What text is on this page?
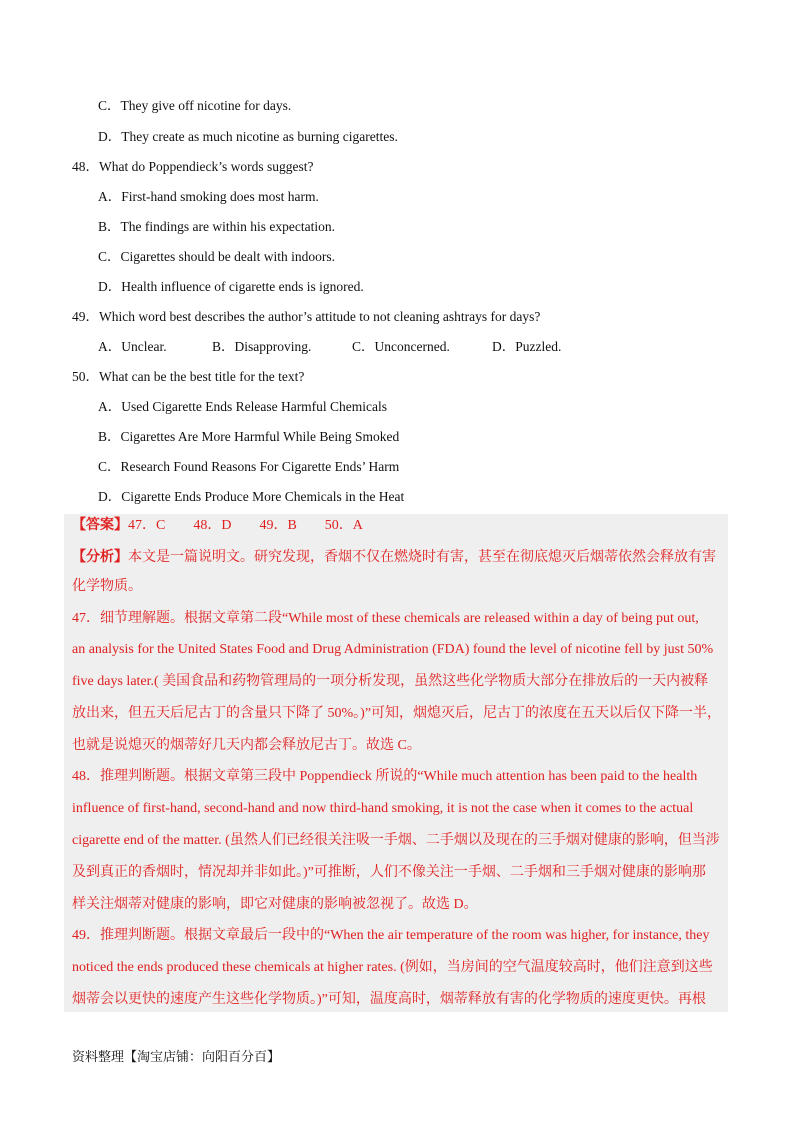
C．They give off nicotine for days.
D．They create as much nicotine as burning cigarettes.
48．What do Poppendieck’s words suggest?
A．First-hand smoking does most harm.
B．The findings are within his expectation.
C．Cigarettes should be dealt with indoors.
D．Health influence of cigarette ends is ignored.
49．Which word best describes the author’s attitude to not cleaning ashtrays for days?
A．Unclear.	B．Disapproving.	C．Unconcerned.	D．Puzzled.
50．What can be the best title for the text?
A．Used Cigarette Ends Release Harmful Chemicals
B．Cigarettes Are More Harmful While Being Smoked
C．Research Found Reasons For Cigarette Ends’ Harm
D．Cigarette Ends Produce More Chemicals in the Heat
【答案】47．C　　48．D　　49．B　　50．A
【分析】本文是一篇说明文。研究发现，香烟不仅在燃烧时有害，甚至在彻底熄灭后烟蒂依然会释放有害
化学物质。
47．细节理解题。根据文章第二段“While most of these chemicals are released within a day of being put out,
an analysis for the United States Food and Drug Administration (FDA) found the level of nicotine fell by just 50%
five days later.( 美国食品和药物管理局的一项分析发现，虽然这些化学物质大部分在排放后的一天内被释
放出来，但五天后尼古丁的含量只下降了 50%。)”可知，烟熄灭后，尼古丁的浓度在五天以后仅下降一半，
也就是说熄灭的烟蒂好几天内都会释放尼古丁。故选 C。
48．推理判断题。根据文章第三段中 Poppendieck 所说的“While much attention has been paid to the health
influence of first-hand, second-hand and now third-hand smoking, it is not the case when it comes to the actual
cigarette end of the matter. (虽然人们已经很关注吸一手烟、二手烟以及现在的三手烟对健康的影响，但当涉
及到真正的香烟时，情况却并非如此。)”可推断，人们不像关注一手烟、二手烟和三手烟对健康的影响那
样关注烟蒂对健康的影响，即它对健康的影响被忽视了。故选 D。
49．推理判断题。根据文章最后一段中的“When the air temperature of the room was higher, for instance, they
noticed the ends produced these chemicals at higher rates. (例如，当房间的空气温度较高时，他们注意到这些
烟蒂会以更快的速度产生这些化学物质。)”可知，温度高时，烟蒂释放有害的化学物质的速度更快。再根
资料整理【淘宝店铺：向阳百分百】
